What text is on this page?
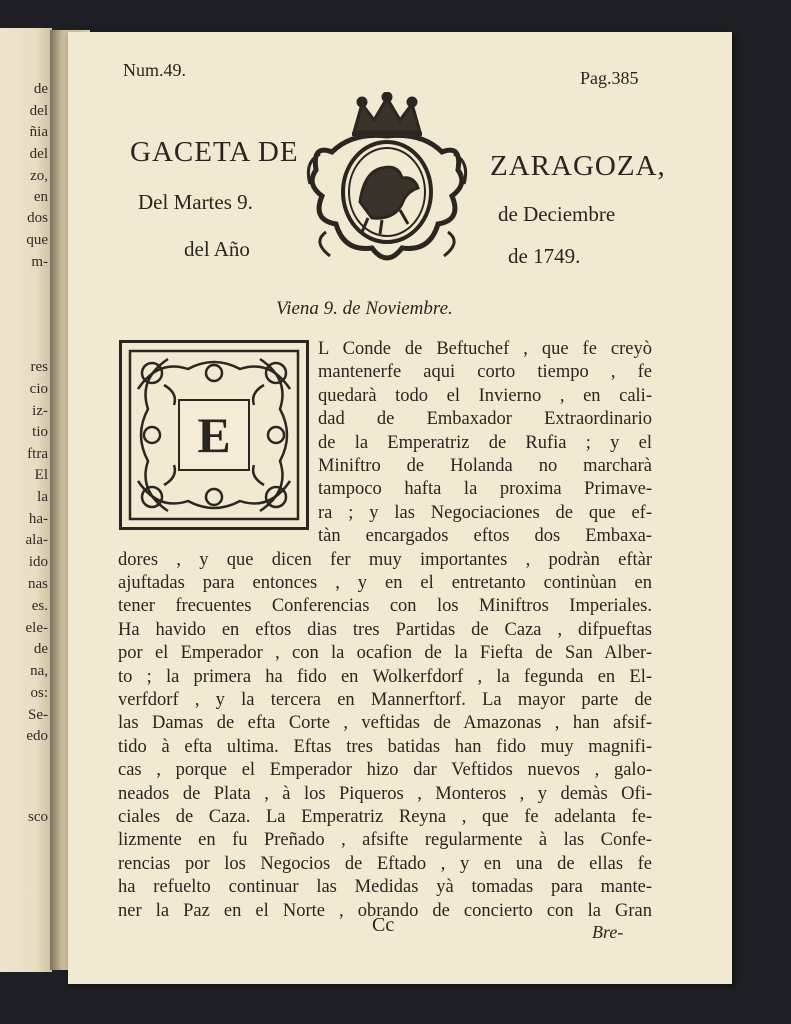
de
del
ñia
del
zo,
en
dos
que
m-
res
cio
iz-
tio
ftra
El
la
ha-
ala-
ido
nas
es.
ele-
de
na,
os:
Se-
edo
sco
Num.49.	Pag.385
GACETA DE	ZARAGOZA,
Del Martes 9.	de Deciembre
del Año	de 1749.
Viena 9. de Noviembre.
E
L Conde de Beftuchef , que fe creyò
mantenerfe aqui corto tiempo , fe
quedarà todo el Invierno , en cali-
dad de Embaxador Extraordinario
de la Emperatriz de Rufia ; y el
Miniftro de Holanda no marcharà
tampoco hafta la proxima Primave-
ra ; y las Negociaciones de que ef-
tàn encargados eftos dos Embaxa-
dores , y que dicen fer muy importantes , podràn eftàr
ajuftadas para entonces , y en el entretanto continùan en
tener frecuentes Conferencias con los Miniftros Imperiales.
Ha havido en eftos dias tres Partidas de Caza , difpueftas
por el Emperador , con la ocafion de la Fiefta de San Alber-
to ; la primera ha fido en Wolkerfdorf , la fegunda en El-
verfdorf , y la tercera en Mannerftorf. La mayor parte de
las Damas de efta Corte , veftidas de Amazonas , han afsif-
tido à efta ultima. Eftas tres batidas han fido muy magnifi-
cas , porque el Emperador hizo dar Veftidos nuevos , galo-
neados de Plata , à los Piqueros , Monteros , y demàs Ofi-
ciales de Caza. La Emperatriz Reyna , que fe adelanta fe-
lizmente en fu Preñado , afsifte regularmente à las Confe-
rencias por los Negocios de Eftado , y en una de ellas fe
ha refuelto continuar las Medidas yà tomadas para mante-
ner la Paz en el Norte , obrando de concierto con la Gran
Cc	Bre-
